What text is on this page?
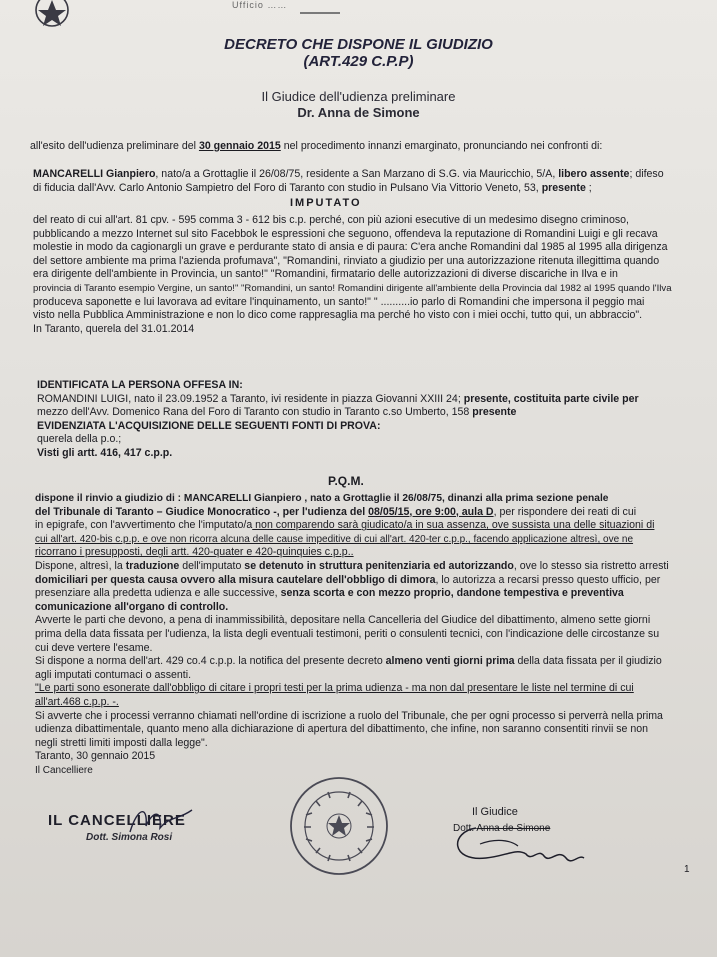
Ufficio ……
DECRETO CHE DISPONE IL GIUDIZIO
(ART.429 C.P.P)
Il Giudice dell'udienza preliminare
Dr. Anna de Simone

all'esito dell'udienza preliminare del 30 gennaio 2015 nel procedimento innanzi emarginato, pronunciando nei confronti di:

MANCARELLI Gianpiero, nato/a a Grottaglie il 26/08/75, residente a San Marzano di S.G. via Mauricchio, 5/A, libero assente; difeso
di fiducia dall'Avv. Carlo Antonio Sampietro del Foro di Taranto con studio in Pulsano Via Vittorio Veneto, 53, presente ;

IMPUTATO

del reato di cui all'art. 81 cpv. - 595 comma 3 - 612 bis c.p. perché, con più azioni esecutive di un medesimo disegno criminoso,
pubblicando a mezzo Internet sul sito Facebbok le espressioni che seguono, offendeva la reputazione di Romandini Luigi e gli recava
molestie in modo da cagionargli un grave e perdurante stato di ansia e di paura: C'era anche Romandini dal 1985 al 1995 alla dirigenza
del settore ambiente ma prima l'azienda profumava", "Romandini, rinviato a giudizio per una autorizzazione ritenuta illegittima quando
era dirigente dell'ambiente in Provincia, un santo!" "Romandini, firmatario delle autorizzazioni di diverse discariche in Ilva e in
provincia di Taranto esempio Vergine, un santo!" "Romandini, un santo! Romandini dirigente all'ambiente della Provincia dal 1982 al 1995 quando l'Ilva
produceva saponette e lui lavorava ad evitare l'inquinamento, un santo!" " ..........io parlo di Romandini che impersona il peggio mai
visto nella Pubblica Amministrazione e non lo dico come rappresaglia ma perché ho visto con i miei occhi, tutto qui, un abbraccio".
In Taranto, querela del 31.01.2014

IDENTIFICATA LA PERSONA OFFESA IN:
ROMANDINI LUIGI, nato il 23.09.1952 a Taranto, ivi residente in piazza Giovanni XXIII 24; presente, costituita parte civile per
mezzo dell'Avv. Domenico Rana del Foro di Taranto con studio in Taranto c.so Umberto, 158 presente
EVIDENZIATA L'ACQUISIZIONE DELLE SEGUENTI FONTI DI PROVA:
querela della p.o.;
Visti gli artt. 416, 417 c.p.p.

P.Q.M.

dispone il rinvio a giudizio di : MANCARELLI Gianpiero , nato a Grottaglie il 26/08/75, dinanzi alla prima sezione penale
del Tribunale di Taranto – Giudice Monocratico -, per l'udienza del 08/05/15, ore 9:00, aula D, per rispondere dei reati di cui
in epigrafe, con l'avvertimento che l'imputato/a non comparendo sarà giudicato/a in sua assenza, ove sussista una delle situazioni di
cui all'art. 420-bis c.p.p. e ove non ricorra alcuna delle cause impeditive di cui all'art. 420-ter c.p.p., facendo applicazione altresì, ove ne
ricorrano i presupposti, degli artt. 420-quater e 420-quinquies c.p.p..
Dispone, altresì, la traduzione dell'imputato se detenuto in struttura penitenziaria ed autorizzando, ove lo stesso sia ristretto arresti
domiciliari per questa causa ovvero alla misura cautelare dell'obbligo di dimora, lo autorizza a recarsi presso questo ufficio, per
presenziare alla predetta udienza e alle successive, senza scorta e con mezzo proprio, dandone tempestiva e preventiva
comunicazione all'organo di controllo.
Avverte le parti che devono, a pena di inammissibilità, depositare nella Cancelleria del Giudice del dibattimento, almeno sette giorni
prima della data fissata per l'udienza, la lista degli eventuali testimoni, periti o consulenti tecnici, con l'indicazione delle circostanze su
cui deve vertere l'esame.
Si dispone a norma dell'art. 429 co.4 c.p.p. la notifica del presente decreto almeno venti giorni prima della data fissata per il giudizio
agli imputati contumaci o assenti.
"Le parti sono esonerate dall'obbligo di citare i propri testi per la prima udienza - ma non dal presentare le liste nel termine di cui
all'art.468 c.p.p. -.
Si avverte che i processi verranno chiamati nell'ordine di iscrizione a ruolo del Tribunale, che per ogni processo si perverrà nella prima
udienza dibattimentale, quanto meno alla dichiarazione di apertura del dibattimento, che infine, non saranno consentiti rinvii se non
negli stretti limiti imposti dalla legge".
Taranto, 30 gennaio 2015
Il Cancelliere

IL CANCELLIERE
Dott. Simona Rosi
Il Giudice
Dott. Anna de Simone
1
